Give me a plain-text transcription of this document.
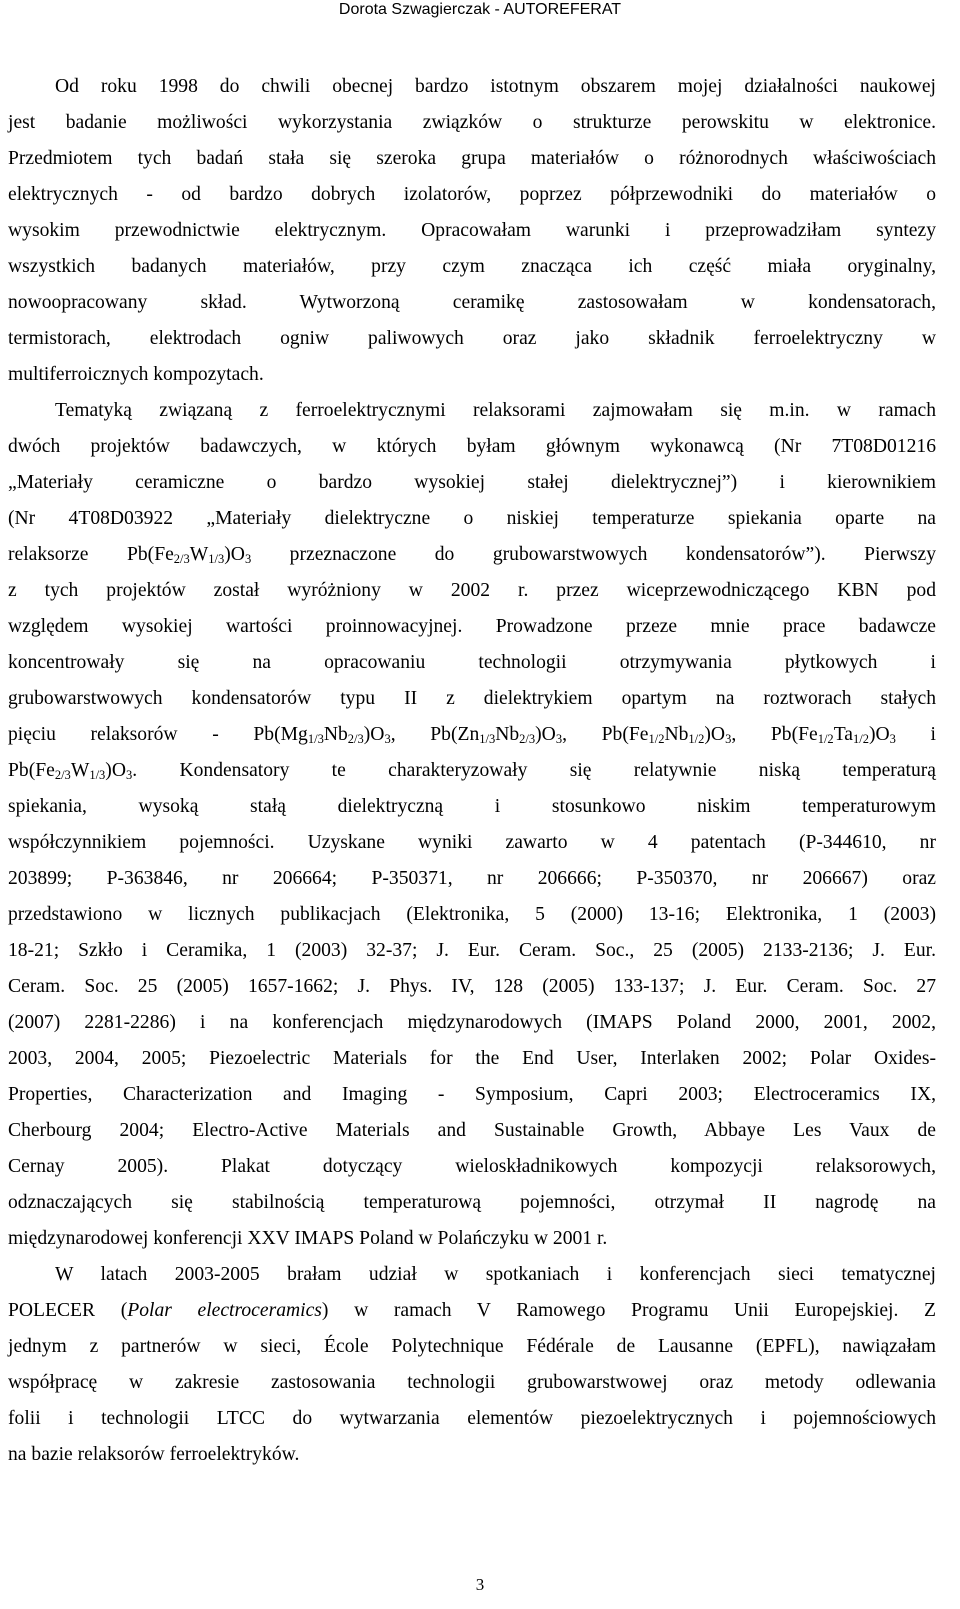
Dorota Szwagierczak - AUTOREFERAT

Od roku 1998 do chwili obecnej bardzo istotnym obszarem mojej działalności naukowej
jest badanie możliwości wykorzystania związków o strukturze perowskitu w elektronice.
Przedmiotem tych badań stała się szeroka grupa materiałów o różnorodnych właściwościach
elektrycznych - od bardzo dobrych izolatorów, poprzez półprzewodniki do materiałów o
wysokim przewodnictwie elektrycznym. Opracowałam warunki i przeprowadziłam syntezy
wszystkich badanych materiałów, przy czym znacząca ich część miała oryginalny,
nowoopracowany skład. Wytworzoną ceramikę zastosowałam w kondensatorach,
termistorach, elektrodach ogniw paliwowych oraz jako składnik ferroelektryczny w
multiferroicznych kompozytach.

Tematyką związaną z ferroelektrycznymi relaksorami zajmowałam się m.in. w ramach
dwóch projektów badawczych, w których byłam głównym wykonawcą (Nr 7T08D01216
„Materiały ceramiczne o bardzo wysokiej stałej dielektrycznej”) i kierownikiem
(Nr 4T08D03922 „Materiały dielektryczne o niskiej temperaturze spiekania oparte na
relaksorze $Pb(Fe_{2/3}W_{1/3})O_3$ przeznaczone do grubowarstwowych kondensatorów”). Pierwszy
z tych projektów został wyróżniony w 2002 r. przez wiceprzewodniczącego KBN pod
względem wysokiej wartości proinnowacyjnej. Prowadzone przeze mnie prace badawcze
koncentrowały się na opracowaniu technologii otrzymywania płytkowych i
grubowarstwowych kondensatorów typu II z dielektrykiem opartym na roztworach stałych
pięciu relaksorów - $Pb(Mg_{1/3}Nb_{2/3})O_3$, $Pb(Zn_{1/3}Nb_{2/3})O_3$, $Pb(Fe_{1/2}Nb_{1/2})O_3$, $Pb(Fe_{1/2}Ta_{1/2})O_3$ i
$Pb(Fe_{2/3}W_{1/3})O_3$. Kondensatory te charakteryzowały się relatywnie niską temperaturą
spiekania, wysoką stałą dielektryczną i stosunkowo niskim temperaturowym
współczynnikiem pojemności. Uzyskane wyniki zawarto w 4 patentach (P-344610, nr
203899; P-363846, nr 206664; P-350371, nr 206666; P-350370, nr 206667) oraz
przedstawiono w licznych publikacjach (Elektronika, 5 (2000) 13-16; Elektronika, 1 (2003)
18-21; Szkło i Ceramika, 1 (2003) 32-37; J. Eur. Ceram. Soc., 25 (2005) 2133-2136; J. Eur.
Ceram. Soc. 25 (2005) 1657-1662; J. Phys. IV, 128 (2005) 133-137; J. Eur. Ceram. Soc. 27
(2007) 2281-2286) i na konferencjach międzynarodowych (IMAPS Poland 2000, 2001, 2002,
2003, 2004, 2005; Piezoelectric Materials for the End User, Interlaken 2002; Polar Oxides-
Properties, Characterization and Imaging - Symposium, Capri 2003; Electroceramics IX,
Cherbourg 2004; Electro-Active Materials and Sustainable Growth, Abbaye Les Vaux de
Cernay 2005). Plakat dotyczący wieloskładnikowych kompozycji relaksorowych,
odznaczających się stabilnością temperaturową pojemności, otrzymał II nagrodę na
międzynarodowej konferencji XXV IMAPS Poland w Polańczyku w 2001 r.

W latach 2003-2005 brałam udział w spotkaniach i konferencjach sieci tematycznej
POLECER (Polar electroceramics) w ramach V Ramowego Programu Unii Europejskiej. Z
jednym z partnerów w sieci, École Polytechnique Fédérale de Lausanne (EPFL), nawiązałam
współpracę w zakresie zastosowania technologii grubowarstwowej oraz metody odlewania
folii i technologii LTCC do wytwarzania elementów piezoelektrycznych i pojemnościowych
na bazie relaksorów ferroelektryków.

3
